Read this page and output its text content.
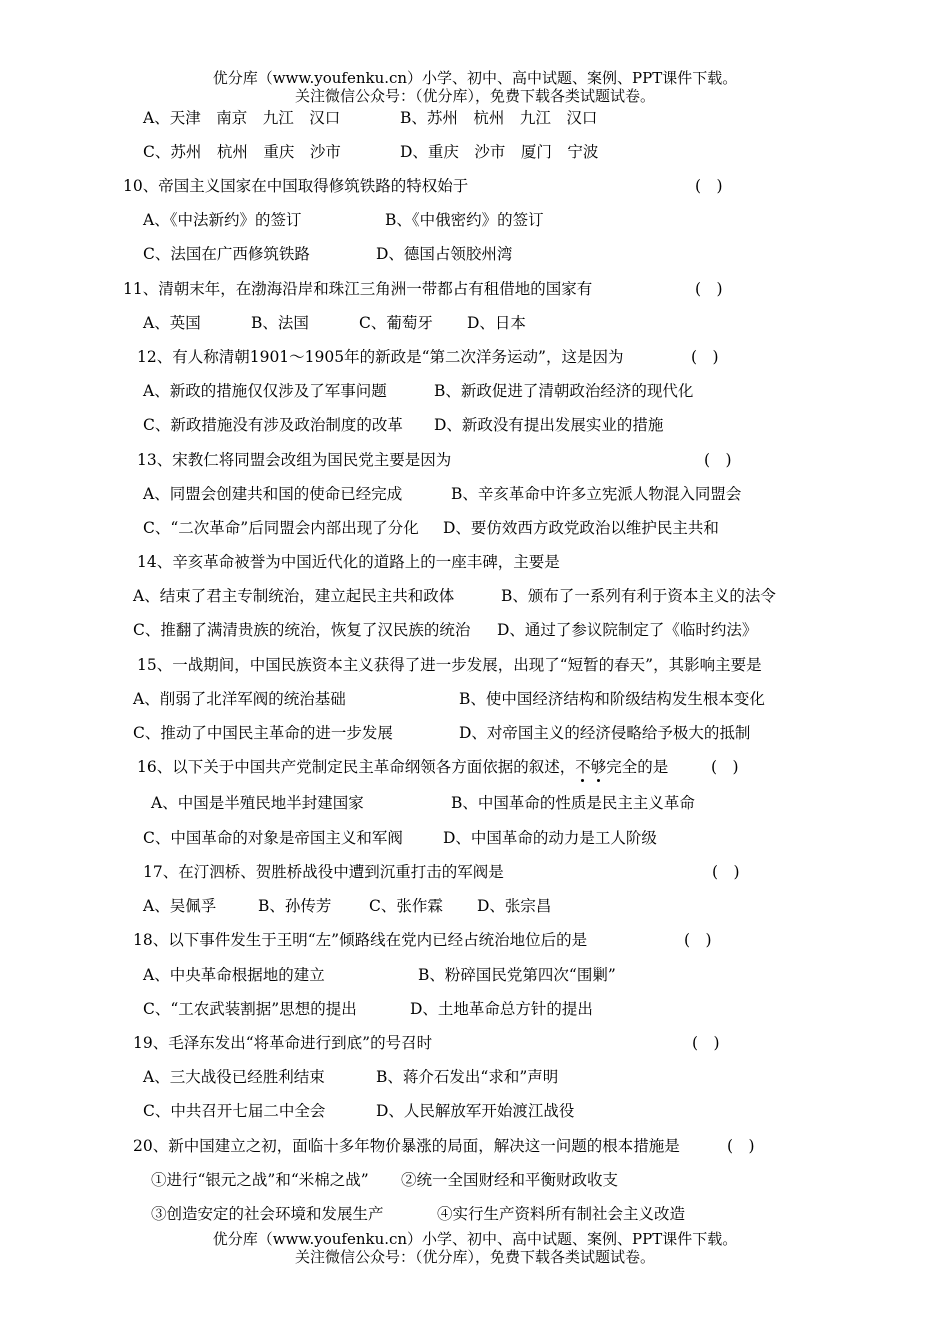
优分库（www.youfenku.cn）小学、初中、高中试题、案例、PPT课件下载。
关注微信公众号：（优分库），免费下载各类试题试卷。
A、天津　南京　九江　汉口	B、苏州　杭州　九江　汉口
C、苏州　杭州　重庆　沙市	D、重庆　沙市　厦门　宁波
10、帝国主义国家在中国取得修筑铁路的特权始于	(　)
A、《中法新约》的签订	B、《中俄密约》的签订
C、法国在广西修筑铁路	D、德国占领胶州湾
11、清朝末年，在渤海沿岸和珠江三角洲一带都占有租借地的国家有	(　)
A、英国	B、法国	C、葡萄牙 D、日本
12、有人称清朝1901～1905年的新政是“第二次洋务运动”，这是因为	(　)
A、新政的措施仅仅涉及了军事问题	B、新政促进了清朝政治经济的现代化
C、新政措施没有涉及政治制度的改革 D、新政没有提出发展实业的措施
13、宋教仁将同盟会改组为国民党主要是因为	(　)
A、同盟会创建共和国的使命已经完成	B、辛亥革命中许多立宪派人物混入同盟会
C、“二次革命”后同盟会内部出现了分化 D、要仿效西方政党政治以维护民主共和
14、辛亥革命被誉为中国近代化的道路上的一座丰碑，主要是
A、结束了君主专制统治，建立起民主共和政体	B、颁布了一系列有利于资本主义的法令
C、推翻了满清贵族的统治，恢复了汉民族的统治 D、通过了参议院制定了《临时约法》
15、一战期间，中国民族资本主义获得了进一步发展，出现了“短暂的春天”，其影响主要是
A、削弱了北洋军阀的统治基础	B、使中国经济结构和阶级结构发生根本变化
C、推动了中国民主革命的进一步发展	D、对帝国主义的经济侵略给予极大的抵制
16、以下关于中国共产党制定民主革命纲领各方面依据的叙述，不够完全的是	(　)
A、中国是半殖民地半封建国家	B、中国革命的性质是民主主义革命
C、中国革命的对象是帝国主义和军阀	D、中国革命的动力是工人阶级
17、在汀泗桥、贺胜桥战役中遭到沉重打击的军阀是	(　)
A、吴佩孚	B、孙传芳 C、张作霖 D、张宗昌
18、以下事件发生于王明“左”倾路线在党内已经占统治地位后的是	(　)
A、中央革命根据地的建立	B、粉碎国民党第四次“围剿”
C、“工农武装割据”思想的提出	D、土地革命总方针的提出
19、毛泽东发出“将革命进行到底”的号召时	(　)
A、三大战役已经胜利结束	B、蒋介石发出“求和”声明
C、中共召开七届二中全会	D、人民解放军开始渡江战役
20、新中国建立之初，面临十多年物价暴涨的局面，解决这一问题的根本措施是	(　)
①进行“银元之战”和“米棉之战” ②统一全国财经和平衡财政收支
③创造安定的社会环境和发展生产	④实行生产资料所有制社会主义改造
优分库（www.youfenku.cn）小学、初中、高中试题、案例、PPT课件下载。
关注微信公众号：（优分库），免费下载各类试题试卷。
